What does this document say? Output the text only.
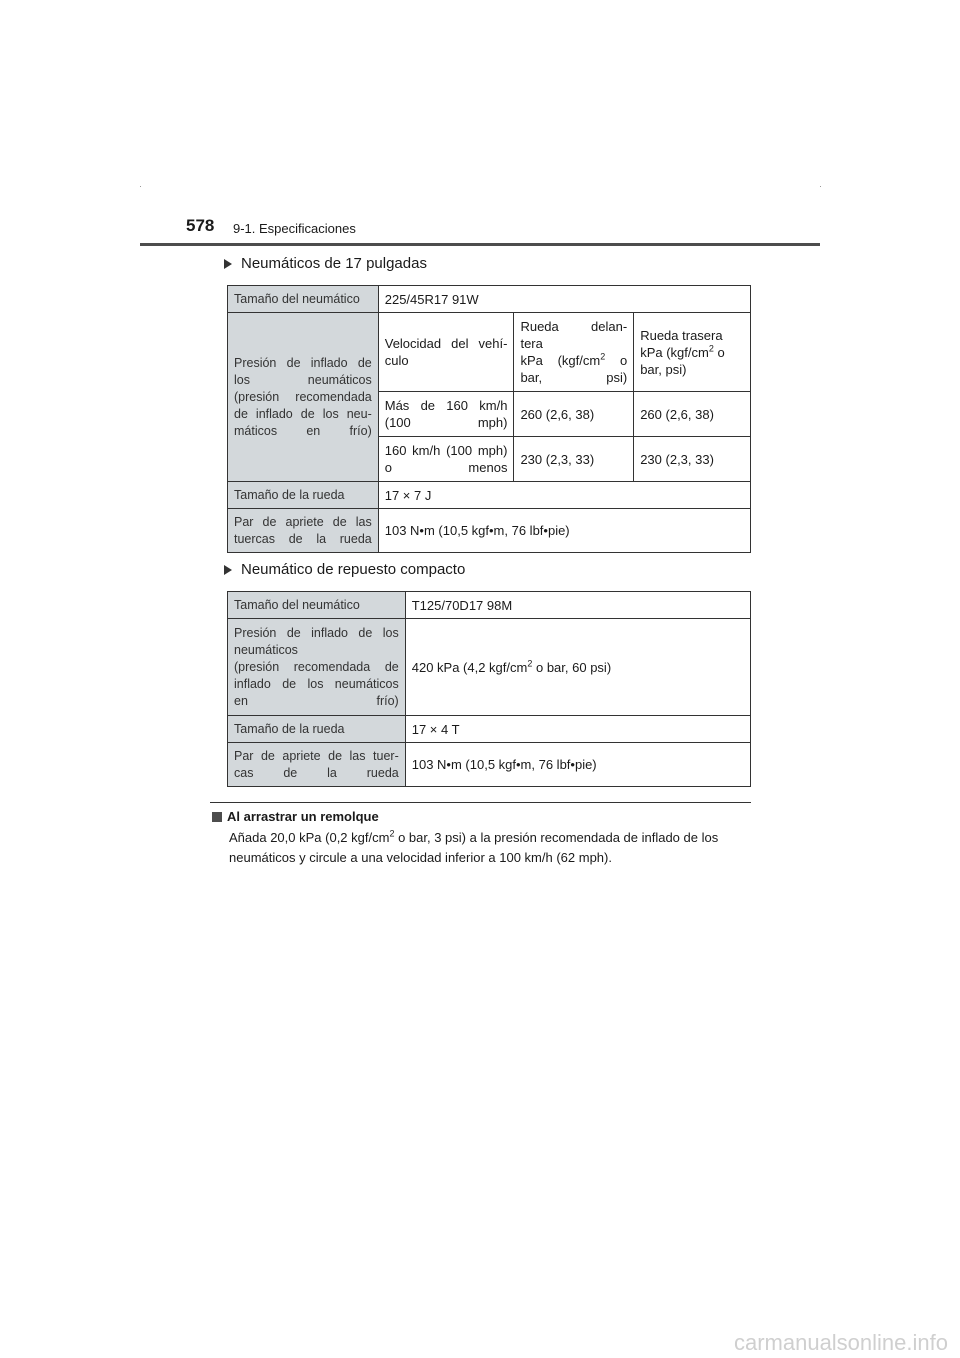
578 9-1. Especificaciones
Neumáticos de 17 pulgadas
Tamaño del neumático	225/45R17 91W		
Presión de inflado de
los neumáticos
(presión recomendada
de inflado de los neu-
máticos en frío)	Velocidad del vehí-
culo	Rueda delan-
tera
kPa ($kgf/cm^2$ o
bar, psi)	Rueda trasera
kPa ($kgf/cm^2$ o
bar, psi)
	Más de 160 km/h
(100 mph)	260 (2,6, 38)	260 (2,6, 38)
	160 km/h (100 mph)
o menos	230 (2,3, 33)	230 (2,3, 33)
Tamaño de la rueda	17 × 7 J		
Par de apriete de las
tuercas de la rueda	103 N•m (10,5 kgf•m, 76 lbf•pie)		
Neumático de repuesto compacto
Tamaño del neumático	T125/70D17 98M
Presión de inflado de los
neumáticos
(presión recomendada de
inflado de los neumáticos
en frío)	420 kPa (4,2 kgf/$cm^2$ o bar, 60 psi)
Tamaño de la rueda	17 × 4 T
Par de apriete de las tuer-
cas de la rueda	103 N•m (10,5 kgf•m, 76 lbf•pie)
Al arrastrar un remolque
Añada 20,0 kPa (0,2 kgf/$cm^2$ o bar, 3 psi) a la presión recomendada de inflado de los neumáticos y circule a una velocidad inferior a 100 km/h (62 mph).
carmanualsonline.info
